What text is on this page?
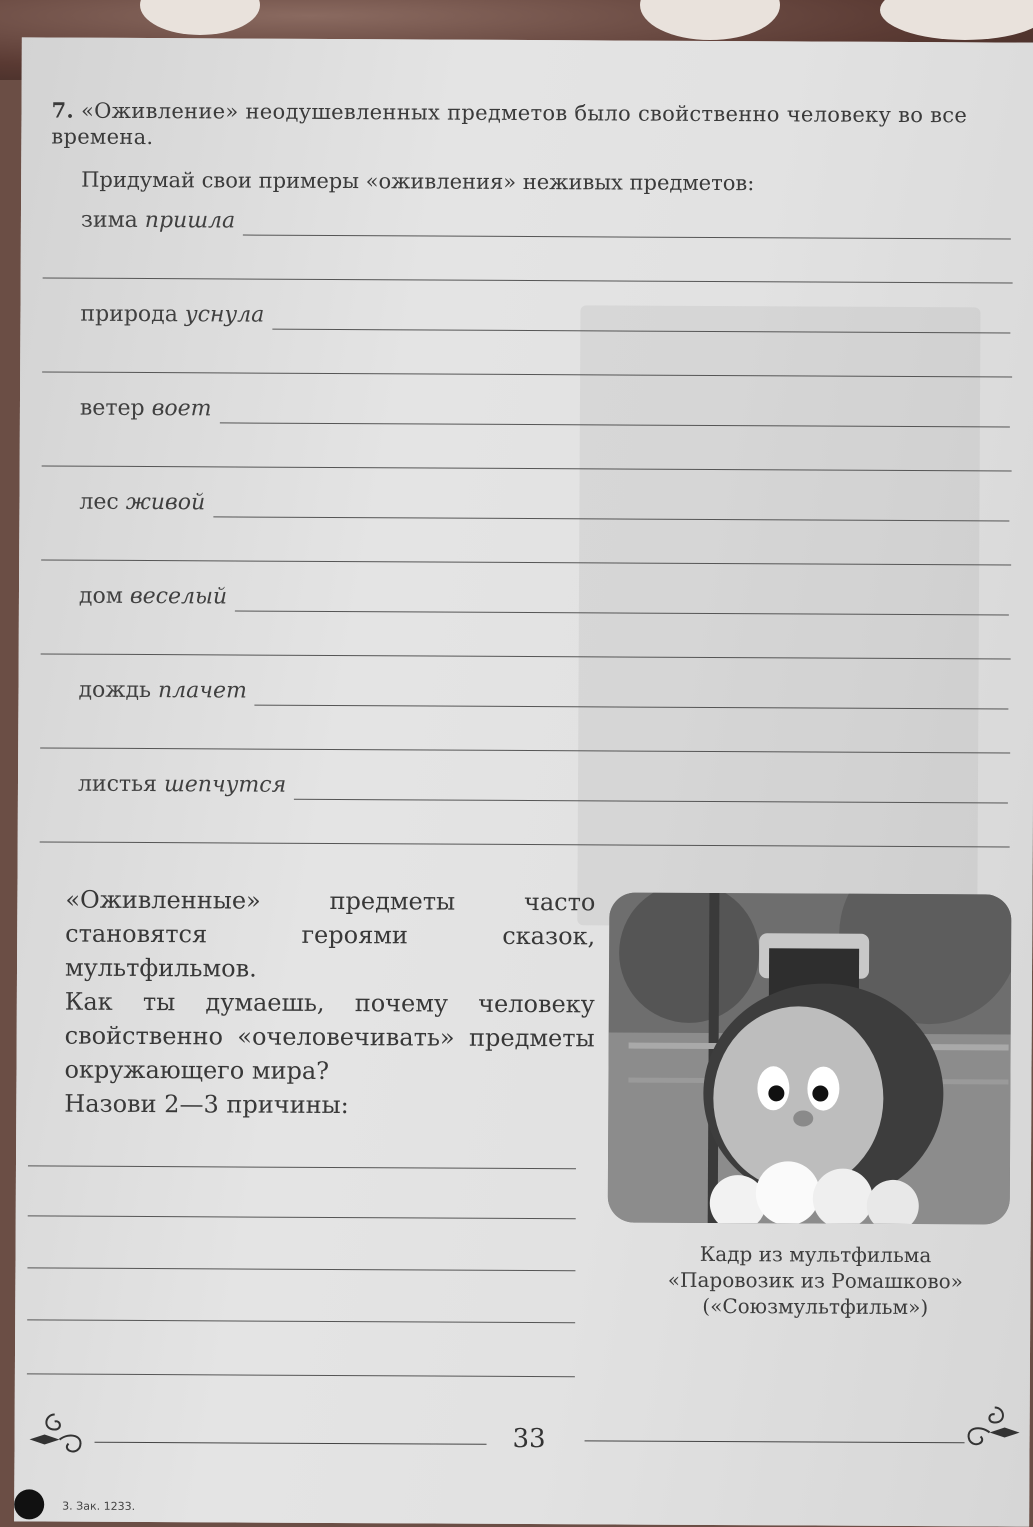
7. «Оживление» неодушевленных предметов было свойственно человеку во все времена.
Придумай свои примеры «оживления» неживых предметов:
зима пришла
природа уснула
ветер воет
лес живой
дом веселый
дождь плачет
листья шепчутся

«Оживленные» предметы часто становятся героями сказок, мультфильмов.

Как ты думаешь, почему человеку свойственно «очеловечивать» предметы окружающего мира?

Назови 2—3 причины:

Кадр из мультфильма
«Паровозик из Ромашково»
(«Союзмультфильм»)
33
3. Зак. 1233.
